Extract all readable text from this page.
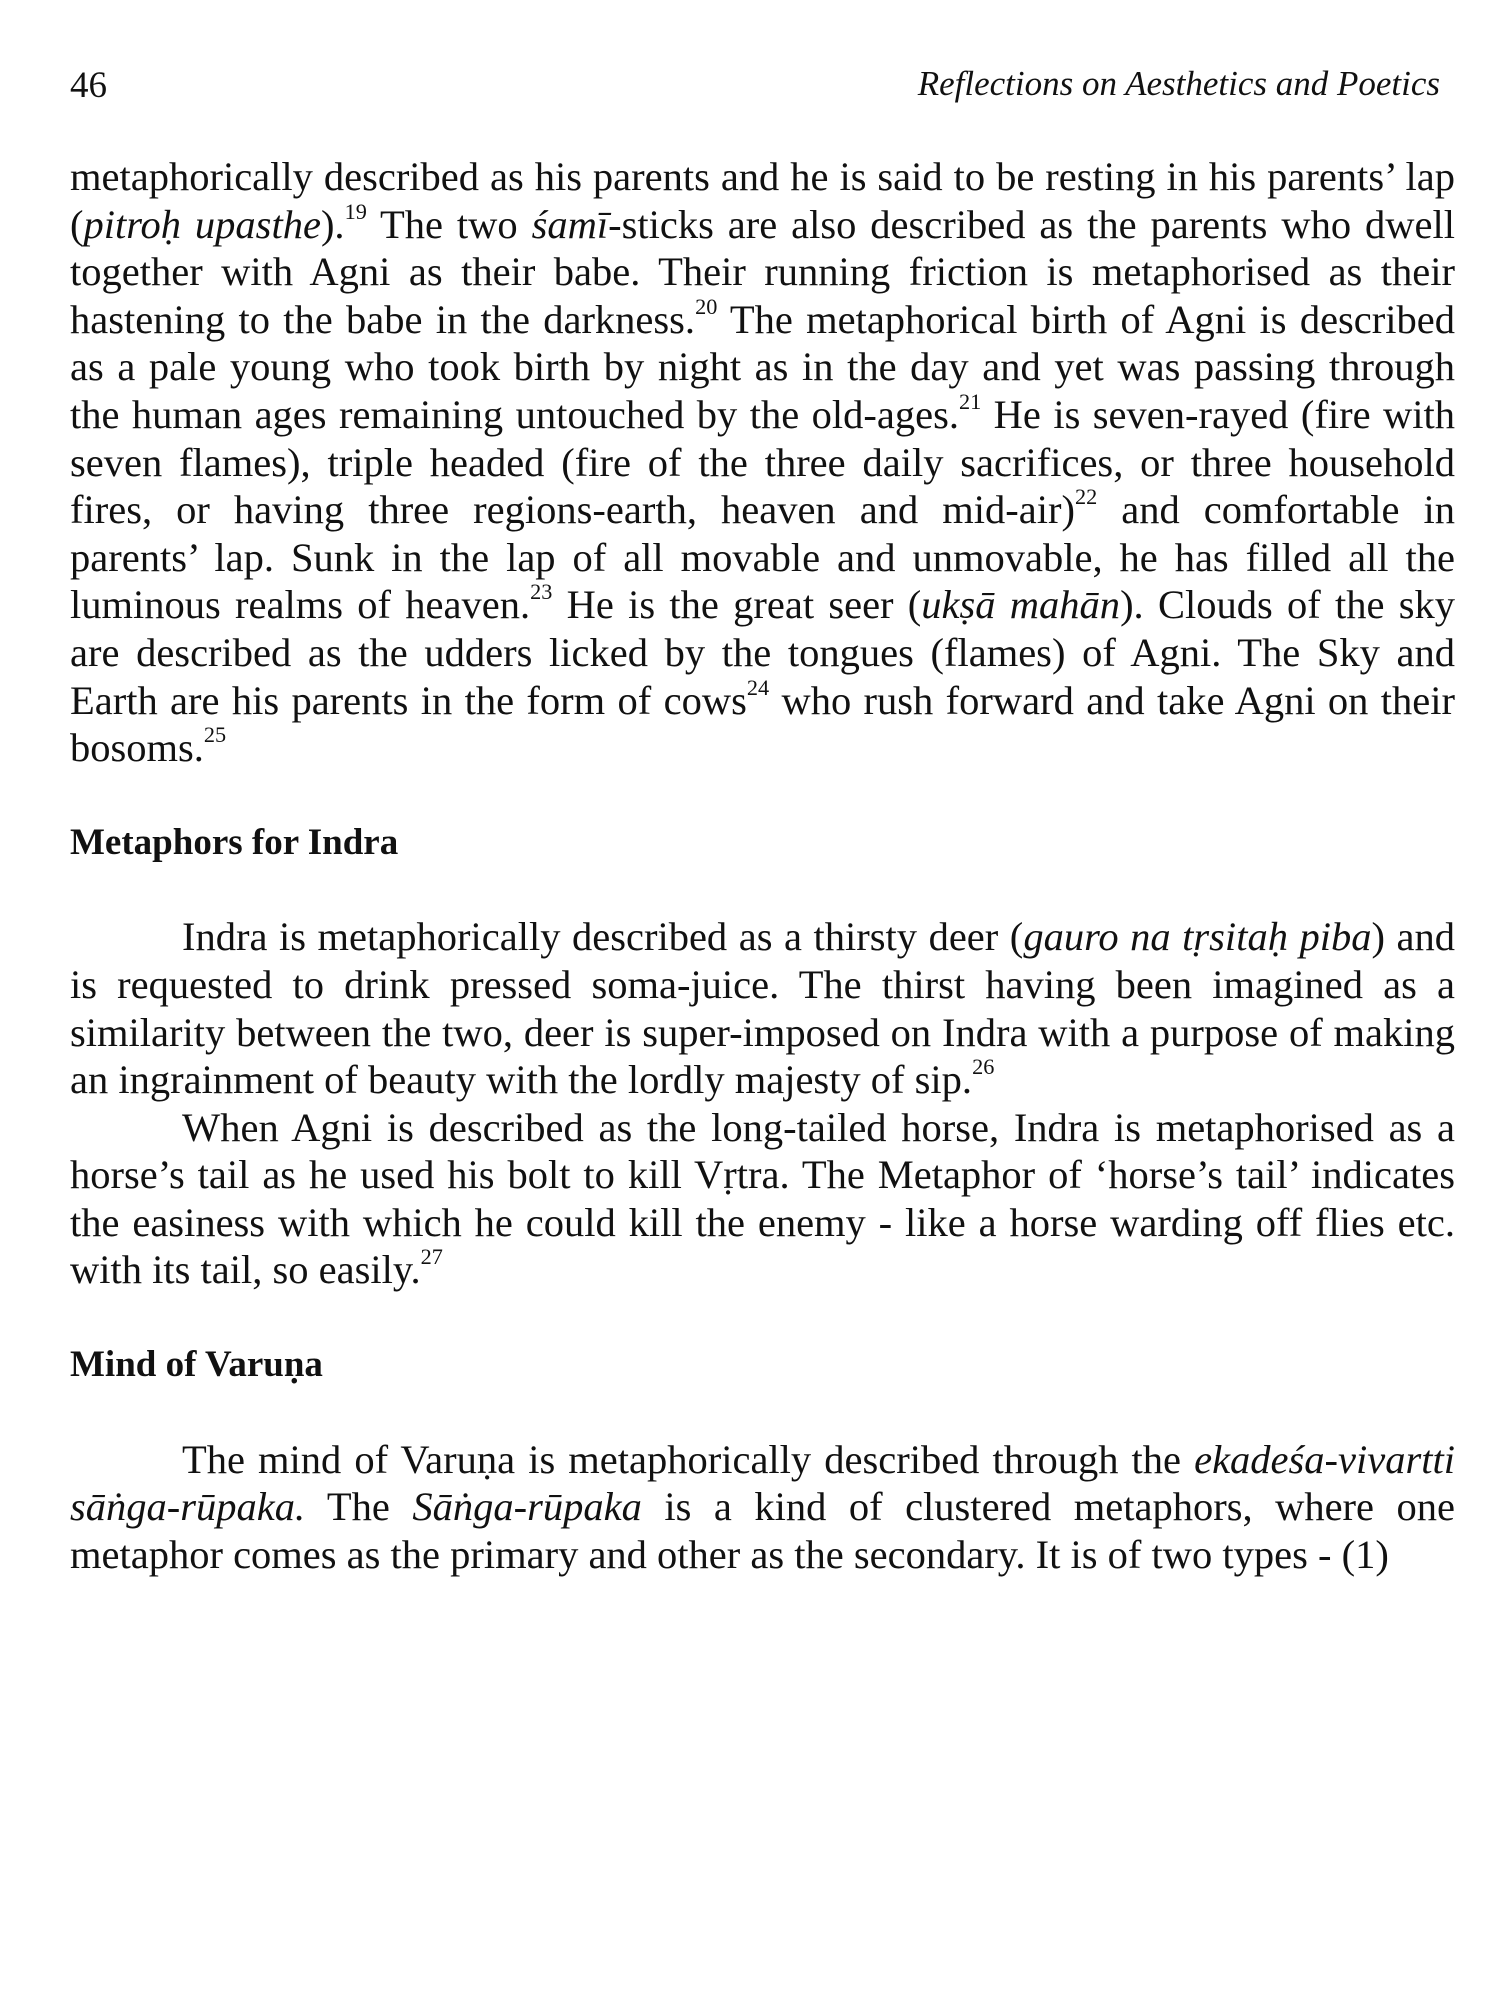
46	Reflections on Aesthetics and Poetics

metaphorically described as his parents and he is said to be resting in his parents’ lap (pitroḥ upasthe).$^{19}$ The two śamī-sticks are also described as the parents who dwell together with Agni as their babe. Their running friction is metaphorised as their hastening to the babe in the darkness.$^{20}$ The metaphorical birth of Agni is described as a pale young who took birth by night as in the day and yet was passing through the human ages remaining untouched by the old-ages.$^{21}$ He is seven-rayed (fire with seven flames), triple headed (fire of the three daily sacrifices, or three household fires, or having three regions-earth, heaven and mid-air)$^{22}$ and comfortable in parents’ lap. Sunk in the lap of all movable and unmovable, he has filled all the luminous realms of heaven.$^{23}$ He is the great seer (ukṣā mahān). Clouds of the sky are described as the udders licked by the tongues (flames) of Agni. The Sky and Earth are his parents in the form of cows$^{24}$ who rush forward and take Agni on their bosoms.$^{25}$

Metaphors for Indra

Indra is metaphorically described as a thirsty deer (gauro na tṛsitaḥ piba) and is requested to drink pressed soma-juice. The thirst having been imagined as a similarity between the two, deer is super-imposed on Indra with a purpose of making an ingrainment of beauty with the lordly majesty of sip.$^{26}$

When Agni is described as the long-tailed horse, Indra is metaphorised as a horse’s tail as he used his bolt to kill Vṛtra. The Metaphor of ‘horse’s tail’ indicates the easiness with which he could kill the enemy - like a horse warding off flies etc. with its tail, so easily.$^{27}$

Mind of Varuṇa

The mind of Varuṇa is metaphorically described through the ekadeśa-vivartti sāṅga-rūpaka. The Sāṅga-rūpaka is a kind of clustered metaphors, where one metaphor comes as the primary and other as the secondary. It is of two types - (1)
